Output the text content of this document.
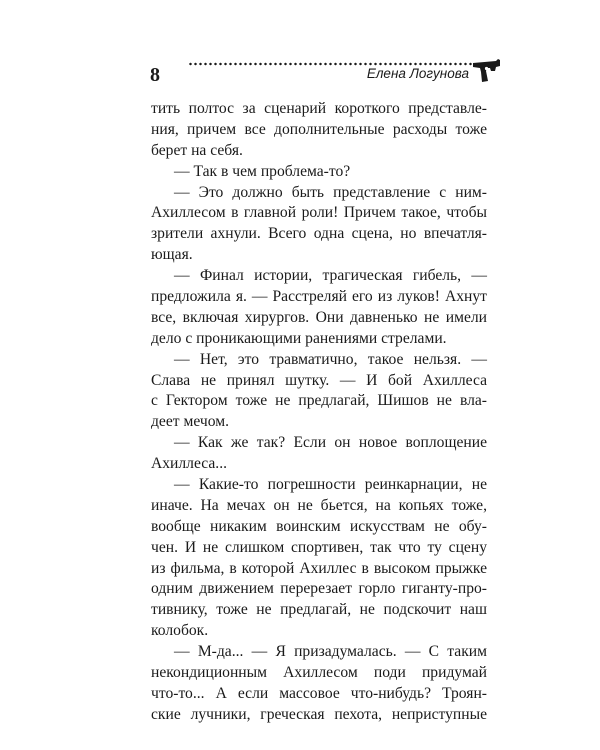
8	Елена Логунова
тить полтос за сценарий короткого представле-
ния, причем все дополнительные расходы тоже
берет на себя.
— Так в чем проблема-то?
— Это должно быть представление с ним-
Ахиллесом в главной роли! Причем такое, чтобы
зрители ахнули. Всего одна сцена, но впечатля-
ющая.
— Финал истории, трагическая гибель, —
предложила я. — Расстреляй его из луков! Ахнут
все, включая хирургов. Они давненько не имели
дело с проникающими ранениями стрелами.
— Нет, это травматично, такое нельзя. —
Слава не принял шутку. — И бой Ахиллеса
с Гектором тоже не предлагай, Шишов не вла-
деет мечом.
— Как же так? Если он новое воплощение
Ахиллеса...
— Какие-то погрешности реинкарнации, не
иначе. На мечах он не бьется, на копьях тоже,
вообще никаким воинским искусствам не обу-
чен. И не слишком спортивен, так что ту сцену
из фильма, в которой Ахиллес в высоком прыжке
одним движением перерезает горло гиганту-про-
тивнику, тоже не предлагай, не подскочит наш
колобок.
— М-да... — Я призадумалась. — С таким
некондиционным Ахиллесом поди придумай
что-то... А если массовое что-нибудь? Троян-
ские лучники, греческая пехота, неприступные
